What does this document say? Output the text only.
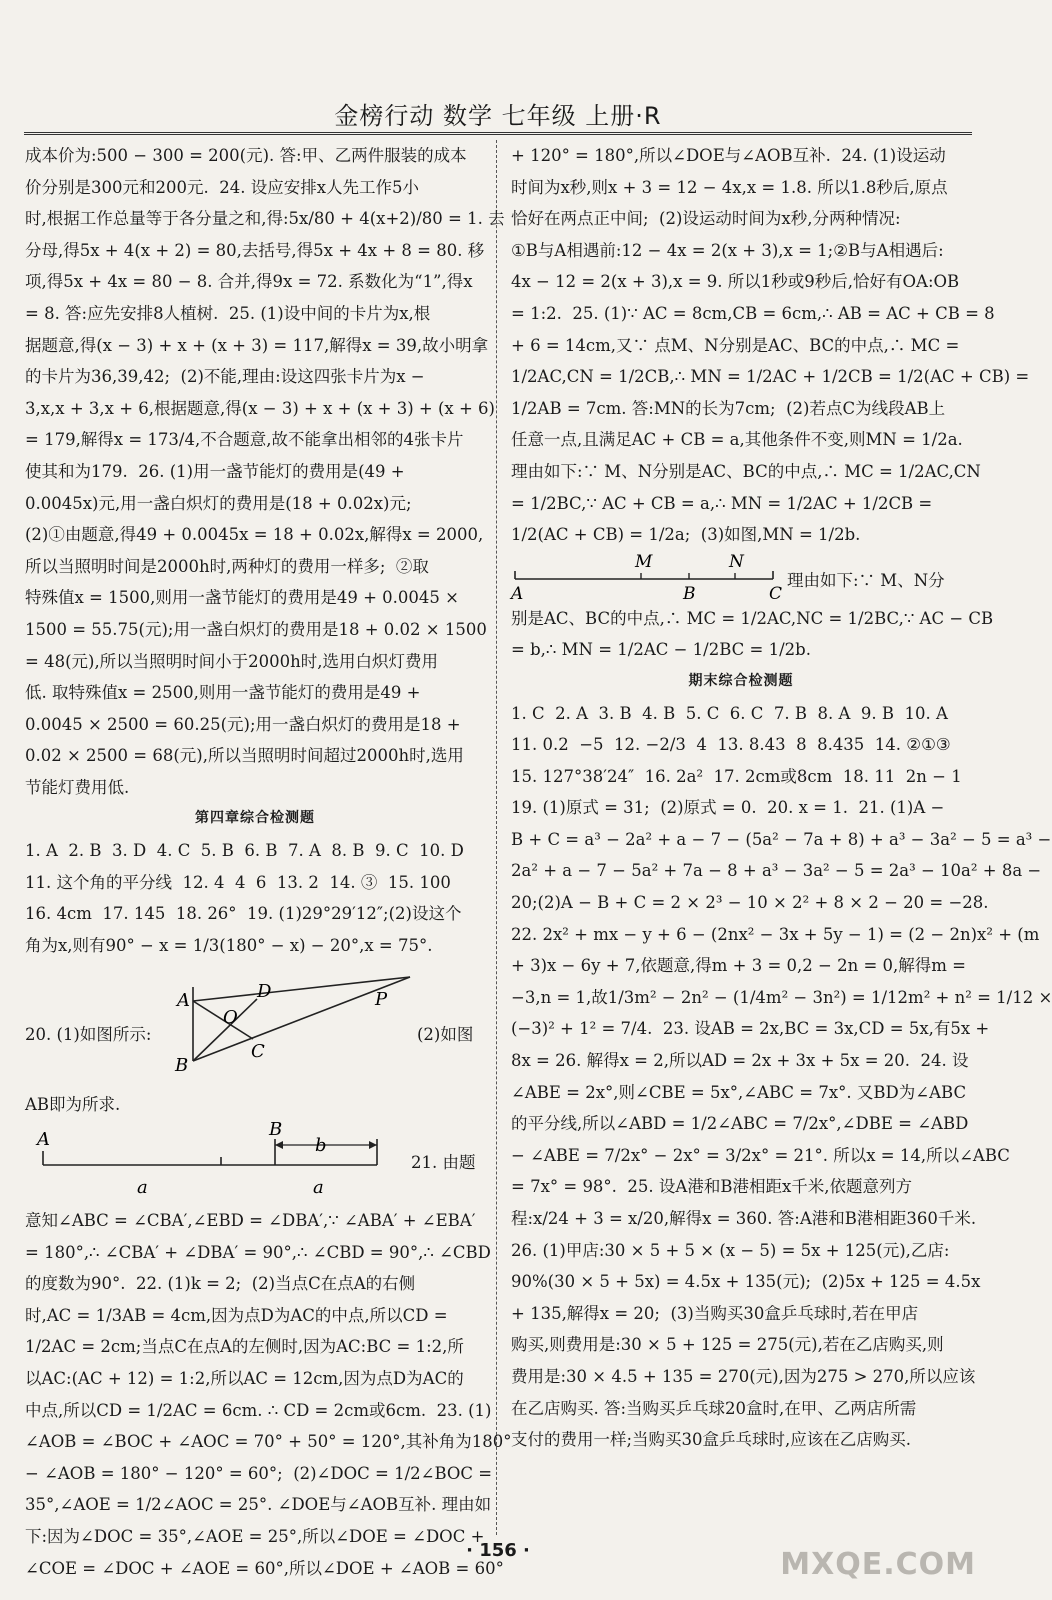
金榜行动 数学 七年级 上册·R
成本价为:500 − 300 = 200(元). 答:甲、乙两件服装的成本
价分别是300元和200元.  24. 设应安排x人先工作5小
时,根据工作总量等于各分量之和,得:5x/80 + 4(x+2)/80 = 1. 去
分母,得5x + 4(x + 2) = 80,去括号,得5x + 4x + 8 = 80. 移
项,得5x + 4x = 80 − 8. 合并,得9x = 72. 系数化为“1”,得x
= 8. 答:应先安排8人植树.  25. (1)设中间的卡片为x,根
据题意,得(x − 3) + x + (x + 3) = 117,解得x = 39,故小明拿
的卡片为36,39,42;  (2)不能,理由:设这四张卡片为x −
3,x,x + 3,x + 6,根据题意,得(x − 3) + x + (x + 3) + (x + 6)
= 179,解得x = 173/4,不合题意,故不能拿出相邻的4张卡片
使其和为179.  26. (1)用一盏节能灯的费用是(49 +
0.0045x)元,用一盏白炽灯的费用是(18 + 0.02x)元;
(2)①由题意,得49 + 0.0045x = 18 + 0.02x,解得x = 2000,
所以当照明时间是2000h时,两种灯的费用一样多;  ②取
特殊值x = 1500,则用一盏节能灯的费用是49 + 0.0045 ×
1500 = 55.75(元);用一盏白炽灯的费用是18 + 0.02 × 1500
= 48(元),所以当照明时间小于2000h时,选用白炽灯费用
低. 取特殊值x = 2500,则用一盏节能灯的费用是49 +
0.0045 × 2500 = 60.25(元);用一盏白炽灯的费用是18 +
0.02 × 2500 = 68(元),所以当照明时间超过2000h时,选用
节能灯费用低.
第四章综合检测题
1. A  2. B  3. D  4. C  5. B  6. B  7. A  8. B  9. C  10. D
11. 这个角的平分线  12. 4  4  6  13. 2  14. ③  15. 100
16. 4cm  17. 145  18. 26°  19. (1)29°29′12″;(2)设这个
角为x,则有90° − x = 1/3(180° − x) − 20°,x = 75°.
A
B
D
O
C
P
20. (1)如图所示:	(2)如图
AB即为所求.
A	B
b
a	a
21. 由题
意知∠ABC = ∠CBA′,∠EBD = ∠DBA′,∵ ∠ABA′ + ∠EBA′
= 180°,∴ ∠CBA′ + ∠DBA′ = 90°,∴ ∠CBD = 90°,∴ ∠CBD
的度数为90°.  22. (1)k = 2;  (2)当点C在点A的右侧
时,AC = 1/3AB = 4cm,因为点D为AC的中点,所以CD =
1/2AC = 2cm;当点C在点A的左侧时,因为AC:BC = 1:2,所
以AC:(AC + 12) = 1:2,所以AC = 12cm,因为点D为AC的
中点,所以CD = 1/2AC = 6cm. ∴ CD = 2cm或6cm.  23. (1)
∠AOB = ∠BOC + ∠AOC = 70° + 50° = 120°,其补角为180°
− ∠AOB = 180° − 120° = 60°;  (2)∠DOC = 1/2∠BOC =
35°,∠AOE = 1/2∠AOC = 25°. ∠DOE与∠AOB互补. 理由如
下:因为∠DOC = 35°,∠AOE = 25°,所以∠DOE = ∠DOC +
∠COE = ∠DOC + ∠AOE = 60°,所以∠DOE + ∠AOB = 60°
+ 120° = 180°,所以∠DOE与∠AOB互补.  24. (1)设运动
时间为x秒,则x + 3 = 12 − 4x,x = 1.8. 所以1.8秒后,原点
恰好在两点正中间;  (2)设运动时间为x秒,分两种情况:
①B与A相遇前:12 − 4x = 2(x + 3),x = 1;②B与A相遇后:
4x − 12 = 2(x + 3),x = 9. 所以1秒或9秒后,恰好有OA:OB
= 1:2.  25. (1)∵ AC = 8cm,CB = 6cm,∴ AB = AC + CB = 8
+ 6 = 14cm,又∵ 点M、N分别是AC、BC的中点,∴ MC =
1/2AC,CN = 1/2CB,∴ MN = 1/2AC + 1/2CB = 1/2(AC + CB) =
1/2AB = 7cm. 答:MN的长为7cm;  (2)若点C为线段AB上
任意一点,且满足AC + CB = a,其他条件不变,则MN = 1/2a.
理由如下:∵ M、N分别是AC、BC的中点,∴ MC = 1/2AC,CN
= 1/2BC,∵ AC + CB = a,∴ MN = 1/2AC + 1/2CB =
1/2(AC + CB) = 1/2a;  (3)如图,MN = 1/2b.
A
M
B
N
C
理由如下:∵ M、N分
别是AC、BC的中点,∴ MC = 1/2AC,NC = 1/2BC,∵ AC − CB
= b,∴ MN = 1/2AC − 1/2BC = 1/2b.
期末综合检测题
1. C  2. A  3. B  4. B  5. C  6. C  7. B  8. A  9. B  10. A
11. 0.2  −5  12. −2/3  4  13. 8.43  8  8.435  14. ②①③
15. 127°38′24″  16. 2a²  17. 2cm或8cm  18. 11  2n − 1
19. (1)原式 = 31;  (2)原式 = 0.  20. x = 1.  21. (1)A −
B + C = a³ − 2a² + a − 7 − (5a² − 7a + 8) + a³ − 3a² − 5 = a³ −
2a² + a − 7 − 5a² + 7a − 8 + a³ − 3a² − 5 = 2a³ − 10a² + 8a −
20;(2)A − B + C = 2 × 2³ − 10 × 2² + 8 × 2 − 20 = −28.
22. 2x² + mx − y + 6 − (2nx² − 3x + 5y − 1) = (2 − 2n)x² + (m
+ 3)x − 6y + 7,依题意,得m + 3 = 0,2 − 2n = 0,解得m =
−3,n = 1,故1/3m² − 2n² − (1/4m² − 3n²) = 1/12m² + n² = 1/12 ×
(−3)² + 1² = 7/4.  23. 设AB = 2x,BC = 3x,CD = 5x,有5x +
8x = 26. 解得x = 2,所以AD = 2x + 3x + 5x = 20.  24. 设
∠ABE = 2x°,则∠CBE = 5x°,∠ABC = 7x°. 又BD为∠ABC
的平分线,所以∠ABD = 1/2∠ABC = 7/2x°,∠DBE = ∠ABD
− ∠ABE = 7/2x° − 2x° = 3/2x° = 21°. 所以x = 14,所以∠ABC
= 7x° = 98°.  25. 设A港和B港相距x千米,依题意列方
程:x/24 + 3 = x/20,解得x = 360. 答:A港和B港相距360千米.
26. (1)甲店:30 × 5 + 5 × (x − 5) = 5x + 125(元),乙店:
90%(30 × 5 + 5x) = 4.5x + 135(元);  (2)5x + 125 = 4.5x
+ 135,解得x = 20;  (3)当购买30盒乒乓球时,若在甲店
购买,则费用是:30 × 5 + 125 = 275(元),若在乙店购买,则
费用是:30 × 4.5 + 135 = 270(元),因为275 > 270,所以应该
在乙店购买. 答:当购买乒乓球20盒时,在甲、乙两店所需
支付的费用一样;当购买30盒乒乓球时,应该在乙店购买.
· 156 ·	MXQE.COM
